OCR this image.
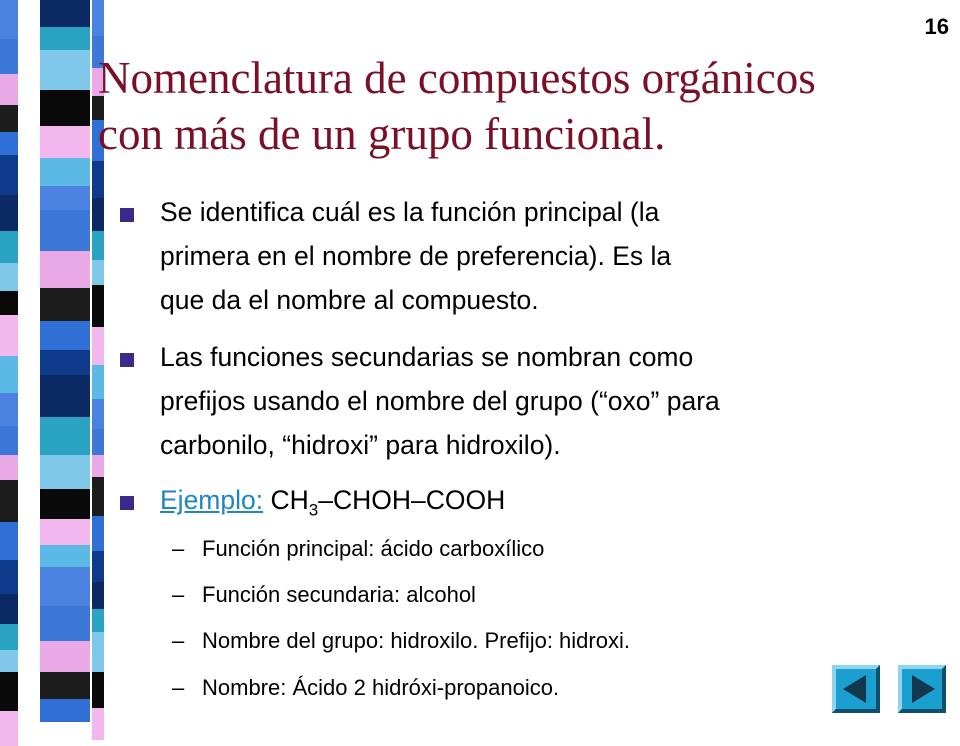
16
Nomenclatura de compuestos orgánicos
con más de un grupo funcional.
Se identifica cuál es la función principal (la
primera en el nombre de preferencia). Es la
que da el nombre al compuesto.
Las funciones secundarias se nombran como
prefijos usando el nombre del grupo (“oxo” para
carbonilo, “hidroxi” para hidroxilo).
Ejemplo: $CH_3-CHOH$–COOH
– Función principal: ácido carboxílico
– Función secundaria: alcohol
– Nombre del grupo: hidroxilo. Prefijo: hidroxi.
– Nombre: Ácido 2 hidróxi-propanoico.
